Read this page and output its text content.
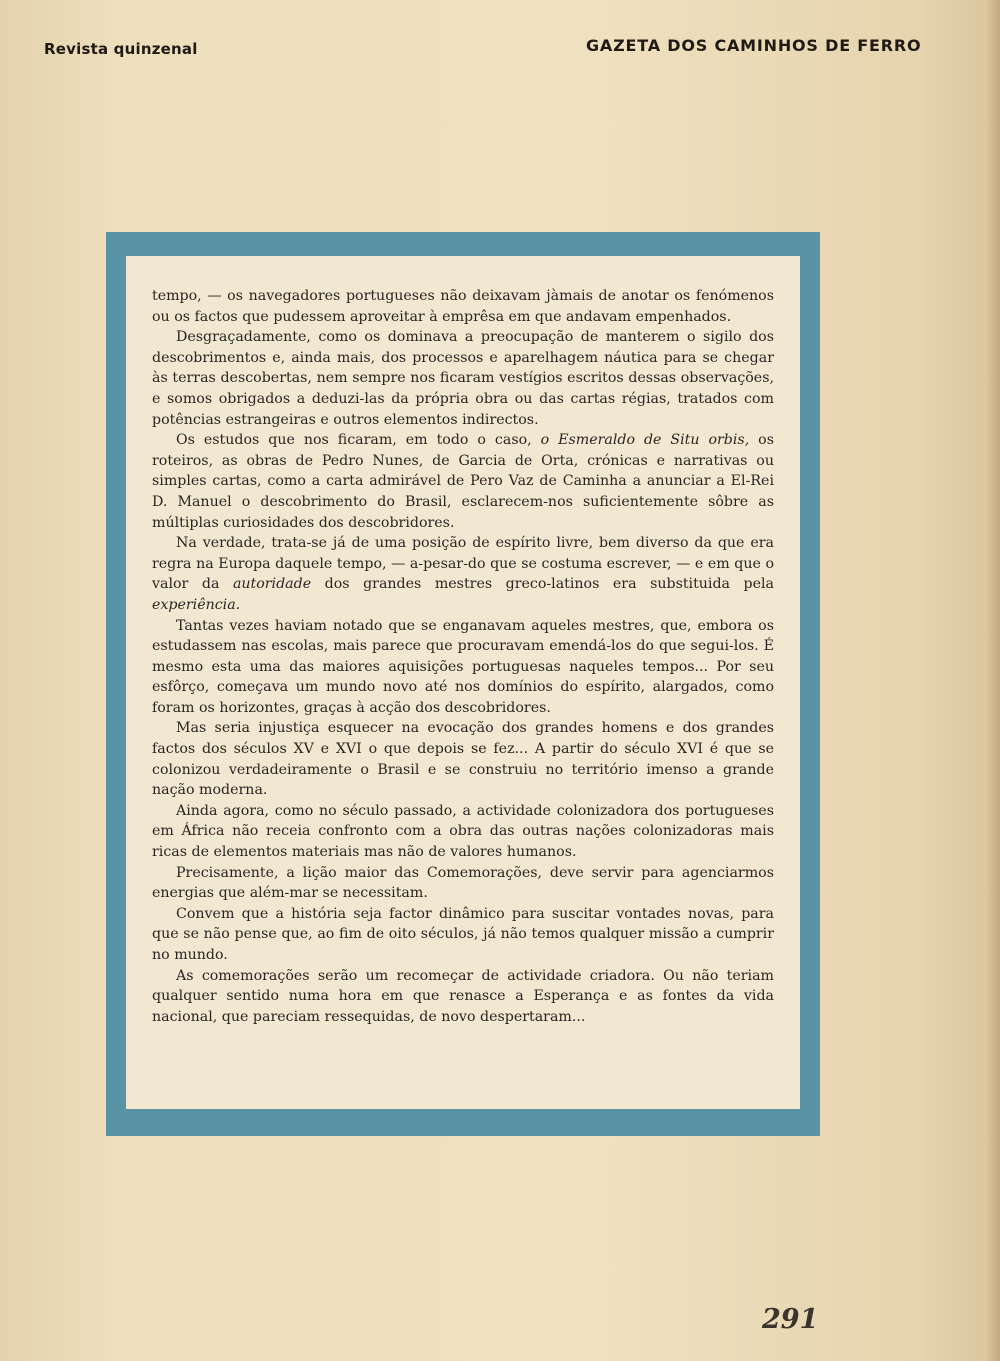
Revista quinzenal	GAZETA DOS CAMINHOS DE FERRO

tempo, — os navegadores portugueses não deixavam jàmais de anotar os fenómenos ou os factos que pudessem aproveitar à emprêsa em que andavam empenhados.

Desgraçadamente, como os dominava a preocupação de manterem o sigilo dos descobrimentos e, ainda mais, dos processos e aparelhagem náutica para se chegar às terras descobertas, nem sempre nos ficaram vestígios escritos dessas observações, e somos obrigados a deduzi-las da própria obra ou das cartas régias, tratados com potências estrangeiras e outros elementos indirectos.

Os estudos que nos ficaram, em todo o caso, o Esmeraldo de Situ orbis, os roteiros, as obras de Pedro Nunes, de Garcia de Orta, crónicas e narrativas ou simples cartas, como a carta admirável de Pero Vaz de Caminha a anunciar a El-Rei D. Manuel o descobrimento do Brasil, esclarecem-nos suficientemente sôbre as múltiplas curiosidades dos descobridores.

Na verdade, trata-se já de uma posição de espírito livre, bem diverso da que era regra na Europa daquele tempo, — a-pesar-do que se costuma escrever, — e em que o valor da autoridade dos grandes mestres greco-latinos era substituida pela experiência.

Tantas vezes haviam notado que se enganavam aqueles mestres, que, embora os estudassem nas escolas, mais parece que procuravam emendá-los do que segui-los. É mesmo esta uma das maiores aquisições portuguesas naqueles tempos... Por seu esfôrço, começava um mundo novo até nos domínios do espírito, alargados, como foram os horizontes, graças à acção dos descobridores.

Mas seria injustiça esquecer na evocação dos grandes homens e dos grandes factos dos séculos XV e XVI o que depois se fez... A partir do século XVI é que se colonizou verdadeiramente o Brasil e se construiu no território imenso a grande nação moderna.

Ainda agora, como no século passado, a actividade colonizadora dos portugueses em África não receia confronto com a obra das outras nações colonizadoras mais ricas de elementos materiais mas não de valores humanos.

Precisamente, a lição maior das Comemorações, deve servir para agenciarmos energias que além-mar se necessitam.

Convem que a história seja factor dinâmico para suscitar vontades novas, para que se não pense que, ao fim de oito séculos, já não temos qualquer missão a cumprir no mundo.

As comemorações serão um recomeçar de actividade criadora. Ou não teriam qualquer sentido numa hora em que renasce a Esperança e as fontes da vida nacional, que pareciam ressequidas, de novo despertaram...

291
